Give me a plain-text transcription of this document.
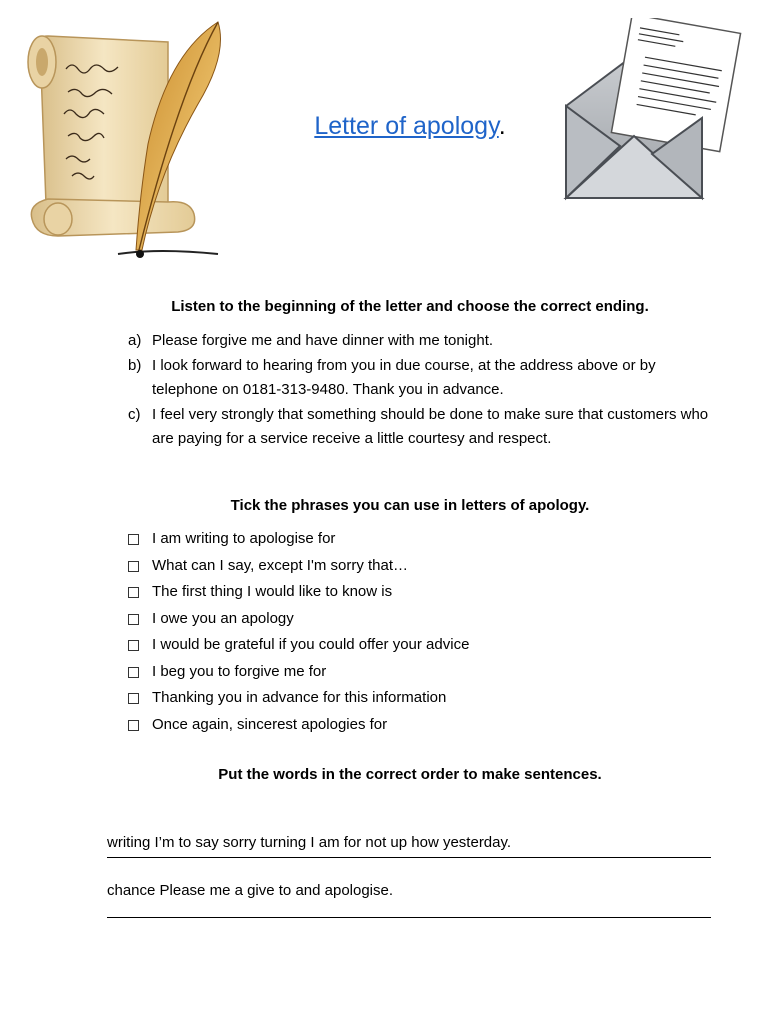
Letter of apology.
Listen to the beginning of the letter and choose the correct ending.
a) Please forgive me and have dinner with me tonight.
b) I look forward to hearing from you in due course, at the address above or by telephone on 0181-313-9480. Thank you in advance.
c) I feel very strongly that something should be done to make sure that customers who are paying for a service receive a little courtesy and respect.
Tick the phrases you can use in letters of apology.
I am writing to apologise for
What can I say, except I'm sorry that…
The first thing I would like to know is
I owe you an apology
I would be grateful if you could offer your advice
I beg you to forgive me for
Thanking you in advance for this information
Once again, sincerest apologies for
Put the words in the correct order to make sentences.
writing I’m to say sorry turning I am for not up how yesterday.
chance Please me a give to and apologise.
